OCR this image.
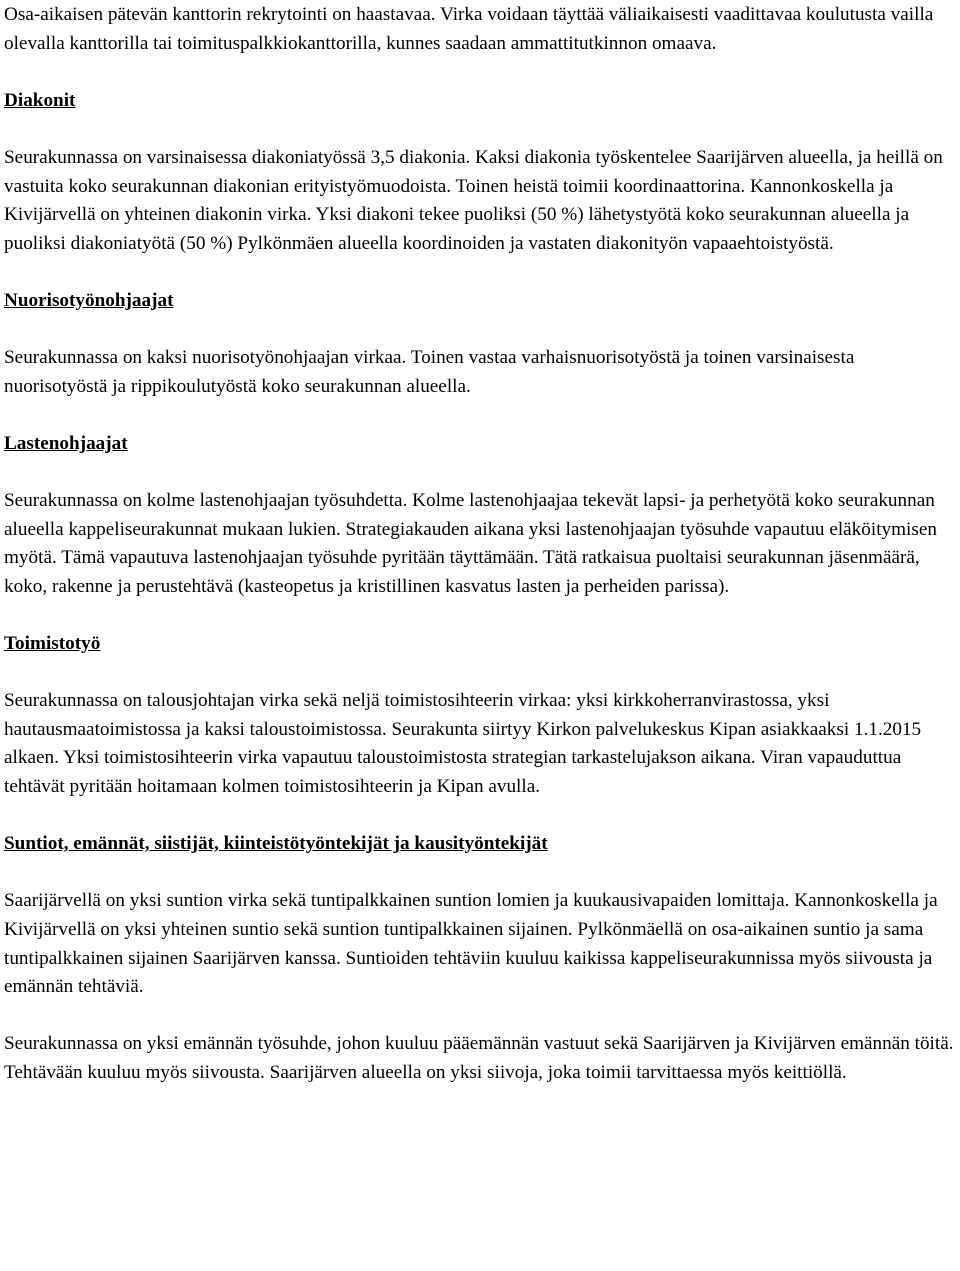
Osa-aikaisen pätevän kanttorin rekrytointi on haastavaa. Virka voidaan täyttää väliaikaisesti vaadittavaa koulutusta vailla olevalla kanttorilla tai toimituspalkkiokanttorilla, kunnes saadaan ammattitutkinnon omaava.

Diakonit

Seurakunnassa on varsinaisessa diakoniatyössä 3,5 diakonia. Kaksi diakonia työskentelee Saarijärven alueella, ja heillä on vastuita koko seurakunnan diakonian erityistyömuodoista. Toinen heistä toimii koordinaattorina. Kannonkoskella ja Kivijärvellä on yhteinen diakonin virka. Yksi diakoni tekee puoliksi (50 %) lähetystyötä koko seurakunnan alueella ja puoliksi diakoniatyötä (50 %) Pylkönmäen alueella koordinoiden ja vastaten diakonityön vapaaehtoistyöstä.

Nuorisotyönohjaajat

Seurakunnassa on kaksi nuorisotyönohjaajan virkaa. Toinen vastaa varhaisnuorisotyöstä ja toinen varsinaisesta nuorisotyöstä ja rippikoulutyöstä koko seurakunnan alueella.

Lastenohjaajat

Seurakunnassa on kolme lastenohjaajan työsuhdetta. Kolme lastenohjaajaa tekevät lapsi- ja perhetyötä koko seurakunnan alueella kappeliseurakunnat mukaan lukien. Strategiakauden aikana yksi lastenohjaajan työsuhde vapautuu eläköitymisen myötä. Tämä vapautuva lastenohjaajan työsuhde pyritään täyttämään. Tätä ratkaisua puoltaisi seurakunnan jäsenmäärä, koko, rakenne ja perustehtävä (kasteopetus ja kristillinen kasvatus lasten ja perheiden parissa).

Toimistotyö

Seurakunnassa on talousjohtajan virka sekä neljä toimistosihteerin virkaa: yksi kirkkoherranvirastossa, yksi hautausmaatoimistossa ja kaksi taloustoimistossa. Seurakunta siirtyy Kirkon palvelukeskus Kipan asiakkaaksi 1.1.2015 alkaen. Yksi toimistosihteerin virka vapautuu taloustoimistosta strategian tarkastelujakson aikana. Viran vapauduttua tehtävät pyritään hoitamaan kolmen toimistosihteerin ja Kipan avulla.

Suntiot, emännät, siistijät, kiinteistötyöntekijät ja kausityöntekijät

Saarijärvellä on yksi suntion virka sekä tuntipalkkainen suntion lomien ja kuukausivapaiden lomittaja. Kannonkoskella ja Kivijärvellä on yksi yhteinen suntio sekä suntion tuntipalkkainen sijainen. Pylkönmäellä on osa-aikainen suntio ja sama tuntipalkkainen sijainen Saarijärven kanssa. Suntioiden tehtäviin kuuluu kaikissa kappeliseurakunnissa myös siivousta ja emännän tehtäviä.

Seurakunnassa on yksi emännän työsuhde, johon kuuluu pääemännän vastuut sekä Saarijärven ja Kivijärven emännän töitä. Tehtävään kuuluu myös siivousta. Saarijärven alueella on yksi siivoja, joka toimii tarvittaessa myös keittiöllä.
